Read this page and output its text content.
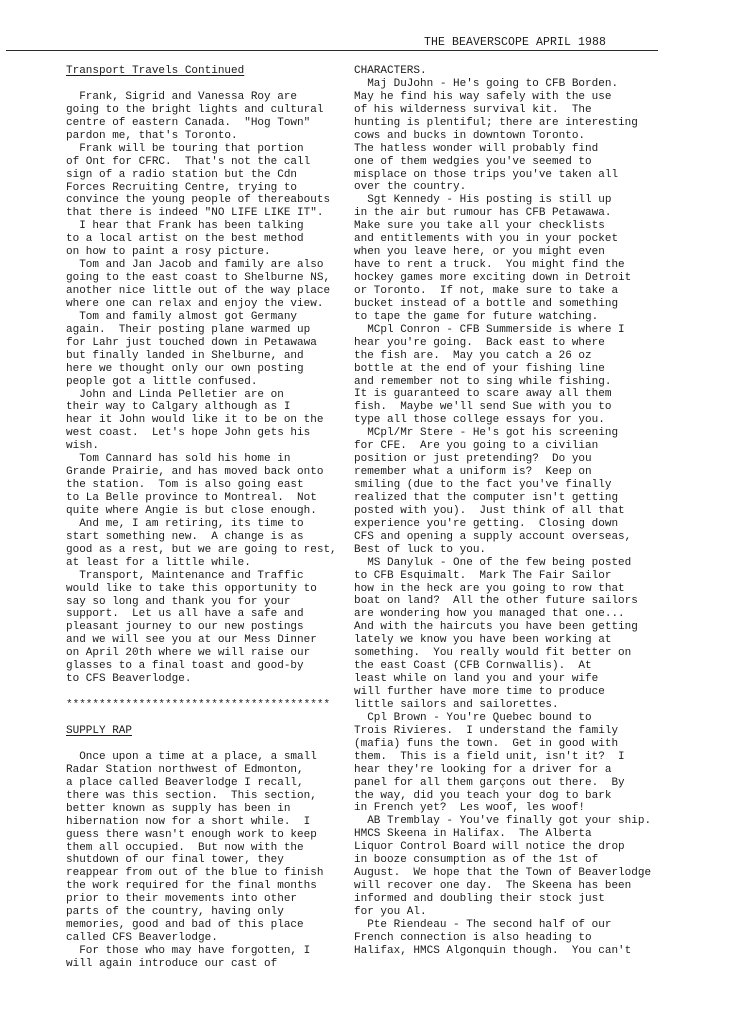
THE BEAVERSCOPE APRIL 1988
Transport Travels Continued
Frank, Sigrid and Vanessa Roy are
going to the bright lights and cultural
centre of eastern Canada.  "Hog Town"
pardon me, that's Toronto.
Frank will be touring that portion
of Ont for CFRC.  That's not the call
sign of a radio station but the Cdn
Forces Recruiting Centre, trying to
convince the young people of thereabouts
that there is indeed "NO LIFE LIKE IT".
I hear that Frank has been talking
to a local artist on the best method
on how to paint a rosy picture.
Tom and Jan Jacob and family are also
going to the east coast to Shelburne NS,
another nice little out of the way place
where one can relax and enjoy the view.
Tom and family almost got Germany
again.  Their posting plane warmed up
for Lahr just touched down in Petawawa
but finally landed in Shelburne, and
here we thought only our own posting
people got a little confused.
John and Linda Pelletier are on
their way to Calgary although as I
hear it John would like it to be on the
west coast.  Let's hope John gets his
wish.
Tom Cannard has sold his home in
Grande Prairie, and has moved back onto
the station.  Tom is also going east
to La Belle province to Montreal.  Not
quite where Angie is but close enough.
And me, I am retiring, its time to
start something new.  A change is as
good as a rest, but we are going to rest,
at least for a little while.
Transport, Maintenance and Traffic
would like to take this opportunity to
say so long and thank you for your
support.  Let us all have a safe and
pleasant journey to our new postings
and we will see you at our Mess Dinner
on April 20th where we will raise our
glasses to a final toast and good-by
to CFS Beaverlodge.
****************************************
SUPPLY RAP
Once upon a time at a place, a small
Radar Station northwest of Edmonton,
a place called Beaverlodge I recall,
there was this section.  This section,
better known as supply has been in
hibernation now for a short while.  I
guess there wasn't enough work to keep
them all occupied.  But now with the
shutdown of our final tower, they
reappear from out of the blue to finish
the work required for the final months
prior to their movements into other
parts of the country, having only
memories, good and bad of this place
called CFS Beaverlodge.
For those who may have forgotten, I
will again introduce our cast of
CHARACTERS.
Maj DuJohn - He's going to CFB Borden.
May he find his way safely with the use
of his wilderness survival kit.  The
hunting is plentiful; there are interesting
cows and bucks in downtown Toronto.
The hatless wonder will probably find
one of them wedgies you've seemed to
misplace on those trips you've taken all
over the country.
Sgt Kennedy - His posting is still up
in the air but rumour has CFB Petawawa.
Make sure you take all your checklists
and entitlements with you in your pocket
when you leave here, or you might even
have to rent a truck.  You might find the
hockey games more exciting down in Detroit
or Toronto.  If not, make sure to take a
bucket instead of a bottle and something
to tape the game for future watching.
MCpl Conron - CFB Summerside is where I
hear you're going.  Back east to where
the fish are.  May you catch a 26 oz
bottle at the end of your fishing line
and remember not to sing while fishing.
It is guaranteed to scare away all them
fish.  Maybe we'll send Sue with you to
type all those college essays for you.
MCpl/Mr Stere - He's got his screening
for CFE.  Are you going to a civilian
position or just pretending?  Do you
remember what a uniform is?  Keep on
smiling (due to the fact you've finally
realized that the computer isn't getting
posted with you).  Just think of all that
experience you're getting.  Closing down
CFS and opening a supply account overseas,
Best of luck to you.
MS Danyluk - One of the few being posted
to CFB Esquimalt.  Mark The Fair Sailor
how in the heck are you going to row that
boat on land?  All the other future sailors
are wondering how you managed that one...
And with the haircuts you have been getting
lately we know you have been working at
something.  You really would fit better on
the east Coast (CFB Cornwallis).  At
least while on land you and your wife
will further have more time to produce
little sailors and sailorettes.
Cpl Brown - You're Quebec bound to
Trois Rivieres.  I understand the family
(mafia) funs the town.  Get in good with
them.  This is a field unit, isn't it?  I
hear they're looking for a driver for a
panel for all them garçons out there.  By
the way, did you teach your dog to bark
in French yet?  Les woof, les woof!
AB Tremblay - You've finally got your ship.
HMCS Skeena in Halifax.  The Alberta
Liquor Control Board will notice the drop
in booze consumption as of the 1st of
August.  We hope that the Town of Beaverlodge
will recover one day.  The Skeena has been
informed and doubling their stock just
for you Al.
Pte Riendeau - The second half of our
French connection is also heading to
Halifax, HMCS Algonquin though.  You can't
